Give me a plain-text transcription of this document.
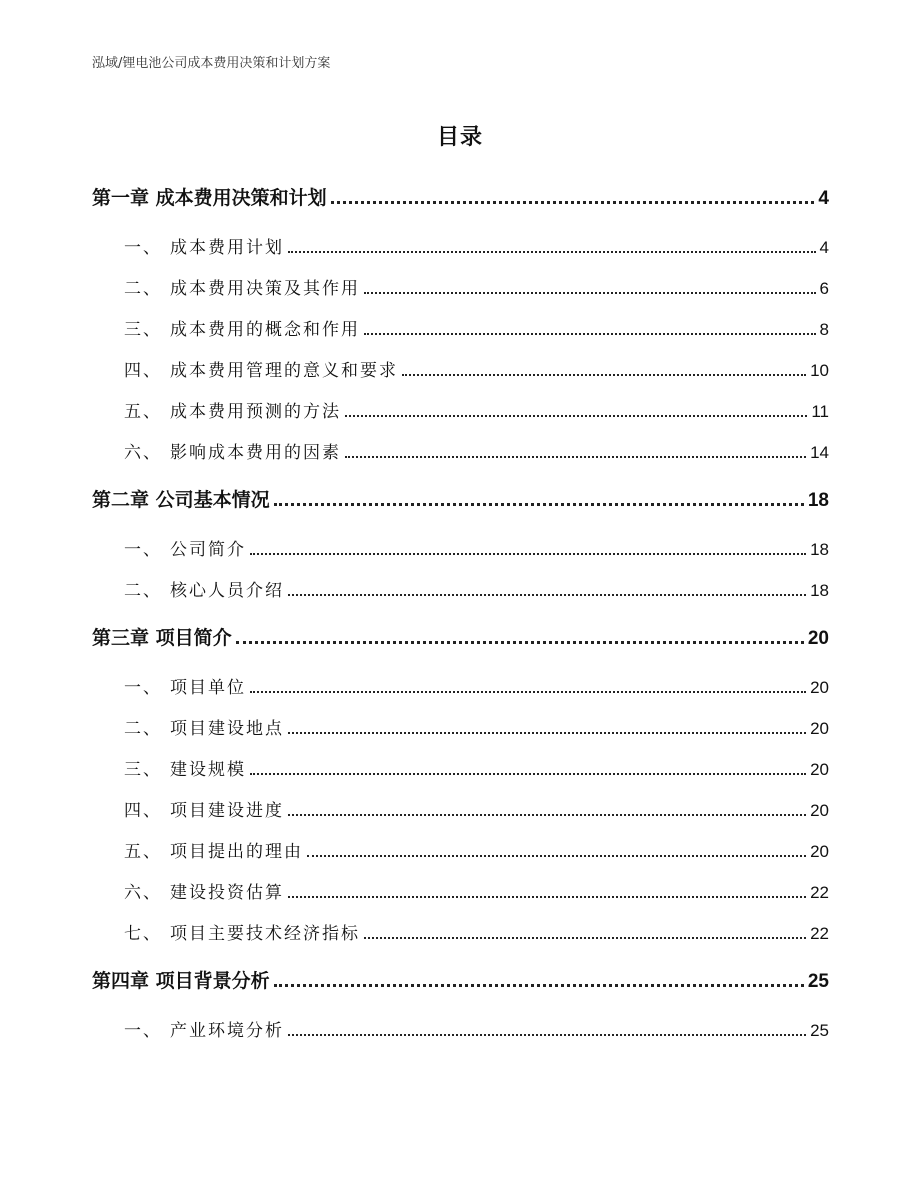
泓域/锂电池公司成本费用决策和计划方案
目录
第一章 成本费用决策和计划	4
一、 成本费用计划	4
二、 成本费用决策及其作用	6
三、 成本费用的概念和作用	8
四、 成本费用管理的意义和要求	10
五、 成本费用预测的方法	11
六、 影响成本费用的因素	14
第二章 公司基本情况	18
一、 公司简介	18
二、 核心人员介绍	18
第三章 项目简介	20
一、 项目单位	20
二、 项目建设地点	20
三、 建设规模	20
四、 项目建设进度	20
五、 项目提出的理由	20
六、 建设投资估算	22
七、 项目主要技术经济指标	22
第四章 项目背景分析	25
一、 产业环境分析	25
